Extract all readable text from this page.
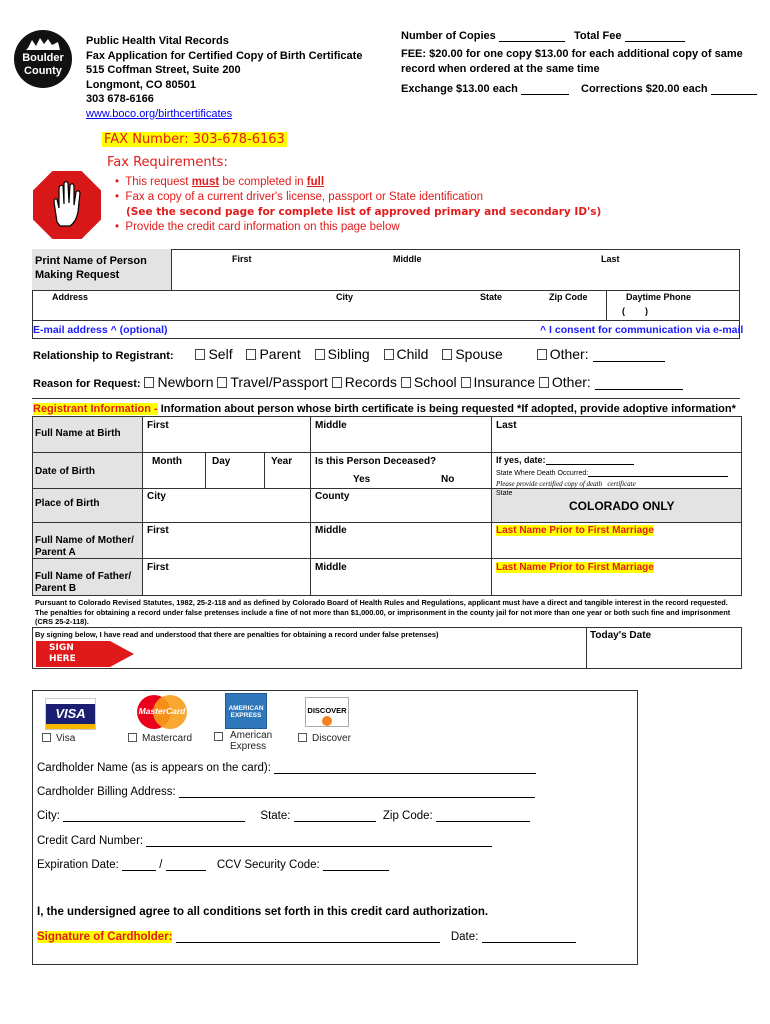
Boulder
County
Public Health Vital Records
Fax Application for Certified Copy of Birth Certificate
515 Coffman Street, Suite 200
Longmont, CO 80501
303 678-6166
www.boco.org/birthcertificates
Number of Copies	Total Fee
FEE: $20.00 for one copy $13.00 for each additional copy of same record when ordered at the same time
Exchange $13.00 each	Corrections $20.00 each
FAX Number: 303-678-6163
Fax Requirements:
•  This request must be completed in full
•  Fax a copy of a current driver's license, passport or State identification
(See the second page for complete list of approved primary and secondary ID's)
•  Provide the credit card information on this page below
Print Name of Person Making Request
First	Middle	Last
Address	City	State	Zip Code	Daytime Phone
(        )
E-mail address ^ (optional)	^ I consent for communication via e-mail
Relationship to Registrant: Self Parent Sibling Child Spouse	Other:
Reason for Request: Newborn Travel/Passport Records School Insurance Other:
Registrant Information - Information about person whose birth certificate is being requested *If adopted, provide adoptive information*
Full Name at Birth
First	Middle	Last
Date of Birth
Month	Day	Year Is this Person Deceased?
Yes	No
If yes, date:
State Where Death Occurred:
Please provide certified copy of death   certificate
Place of Birth
City	County	State
COLORADO ONLY
Full Name of Mother/ Parent A
First	Middle	Last Name Prior to First Marriage
Full Name of Father/ Parent B
First	Middle	Last Name Prior to First Marriage
Pursuant to Colorado Revised Statutes, 1982, 25-2-118 and as defined by Colorado Board of Health Rules and Regulations, applicant must have a direct and tangible interest in the record requested. The penalties for obtaining a record under false pretenses include a fine of not more than $1,000.00, or imprisonment in the county jail for not more than one year or both such fine and imprisonment (CRS 25-2-118).
By signing below, I have read and understood that there are penalties for obtaining a record under false pretenses)	Today's Date
SIGN
HERE
VISA	MasterCard	AMERICAN
EXPRESS
DISCOVER
Visa	Mastercard	American Express
Discover
Cardholder Name (as is appears on the card):
Cardholder Billing Address:
City:	State:	Zip Code:
Credit Card Number:
Expiration Date:	/	CCV Security Code:
I, the undersigned agree to all conditions set forth in this credit card authorization.
Signature of Cardholder:	Date:
